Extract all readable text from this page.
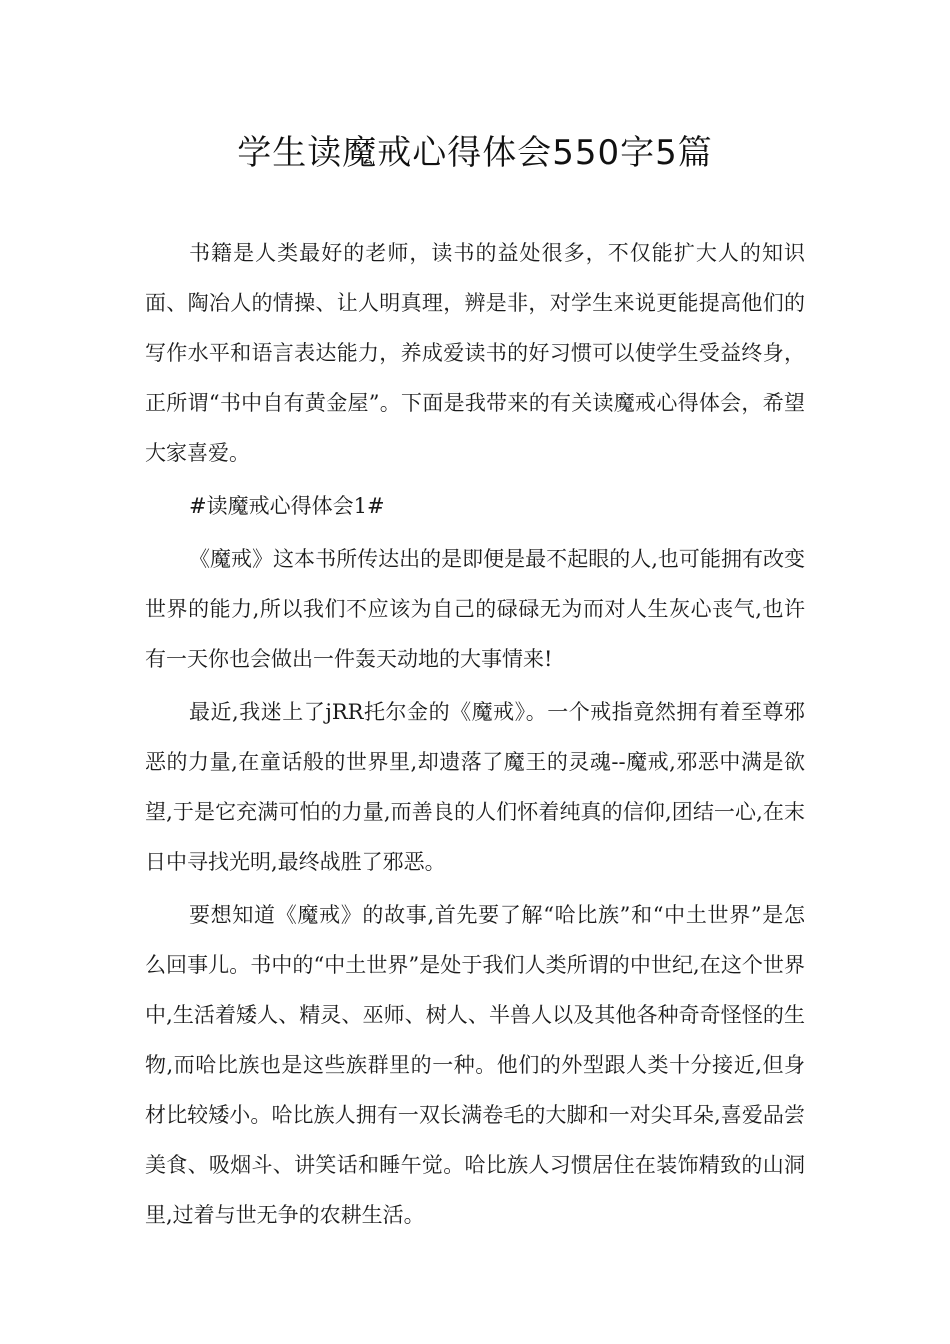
学生读魔戒心得体会550字5篇

书籍是人类最好的老师，读书的益处很多，不仅能扩大人的知识面、陶冶人的情操、让人明真理，辨是非，对学生来说更能提高他们的写作水平和语言表达能力，养成爱读书的好习惯可以使学生受益终身，正所谓“书中自有黄金屋”。下面是我带来的有关读魔戒心得体会，希望大家喜爱。

#读魔戒心得体会1#

《魔戒》这本书所传达出的是即便是最不起眼的人,也可能拥有改变世界的能力,所以我们不应该为自己的碌碌无为而对人生灰心丧气,也许有一天你也会做出一件轰天动地的大事情来!

最近,我迷上了jRR托尔金的《魔戒》。一个戒指竟然拥有着至尊邪恶的力量,在童话般的世界里,却遗落了魔王的灵魂--魔戒,邪恶中满是欲望,于是它充满可怕的力量,而善良的人们怀着纯真的信仰,团结一心,在末日中寻找光明,最终战胜了邪恶。

要想知道《魔戒》的故事,首先要了解“哈比族”和“中土世界”是怎么回事儿。书中的“中土世界”是处于我们人类所谓的中世纪,在这个世界中,生活着矮人、精灵、巫师、树人、半兽人以及其他各种奇奇怪怪的生物,而哈比族也是这些族群里的一种。他们的外型跟人类十分接近,但身材比较矮小。哈比族人拥有一双长满卷毛的大脚和一对尖耳朵,喜爱品尝美食、吸烟斗、讲笑话和睡午觉。哈比族人习惯居住在装饰精致的山洞里,过着与世无争的农耕生活。
